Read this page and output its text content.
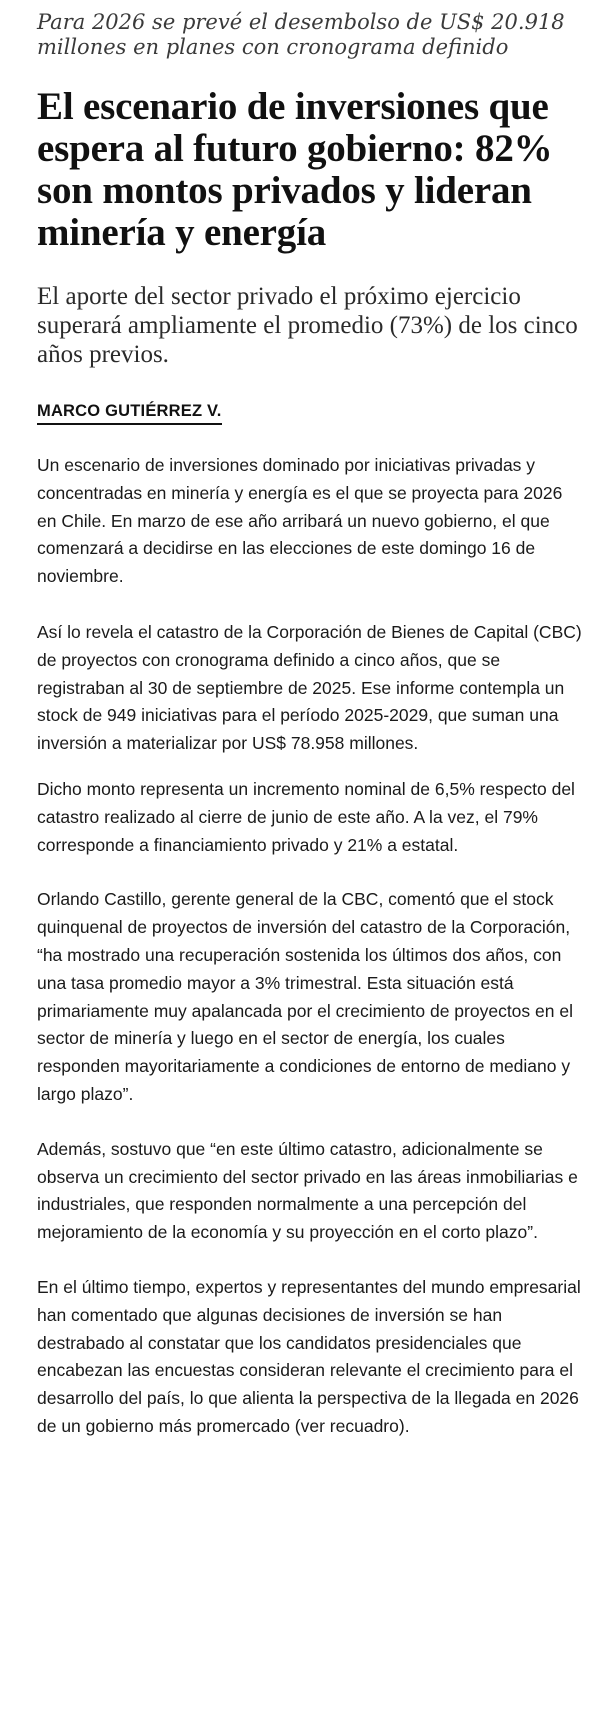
Para 2026 se prevé el desembolso de US$ 20.918 millones en planes con cronograma definido

El escenario de inversiones que espera al futuro gobierno: 82% son montos privados y lideran minería y energía

El aporte del sector privado el próximo ejercicio superará ampliamente el promedio (73%) de los cinco años previos.

MARCO GUTIÉRREZ V.

Un escenario de inversiones dominado por iniciativas privadas y concentradas en minería y energía es el que se proyecta para 2026 en Chile. En marzo de ese año arribará un nuevo gobierno, el que comenzará a decidirse en las elecciones de este domingo 16 de noviembre.

Así lo revela el catastro de la Corporación de Bienes de Capital (CBC) de proyectos con cronograma definido a cinco años, que se registraban al 30 de septiembre de 2025. Ese informe contempla un stock de 949 iniciativas para el período 2025-2029, que suman una inversión a materializar por US$ 78.958 millones.

Dicho monto representa un incremento nominal de 6,5% respecto del catastro realizado al cierre de junio de este año. A la vez, el 79% corresponde a financiamiento privado y 21% a estatal.

Orlando Castillo, gerente general de la CBC, comentó que el stock quinquenal de proyectos de inversión del catastro de la Corporación, “ha mostrado una recuperación sostenida los últimos dos años, con una tasa promedio mayor a 3% trimestral. Esta situación está primariamente muy apalancada por el crecimiento de proyectos en el sector de minería y luego en el sector de energía, los cuales responden mayoritariamente a condiciones de entorno de mediano y largo plazo”.

Además, sostuvo que “en este último catastro, adicionalmente se observa un crecimiento del sector privado en las áreas inmobiliarias e industriales, que responden normalmente a una percepción del mejoramiento de la economía y su proyección en el corto plazo”.

En el último tiempo, expertos y representantes del mundo empresarial han comentado que algunas decisiones de inversión se han destrabado al constatar que los candidatos presidenciales que encabezan las encuestas consideran relevante el crecimiento para el desarrollo del país, lo que alienta la perspectiva de la llegada en 2026 de un gobierno más promercado (ver recuadro).
